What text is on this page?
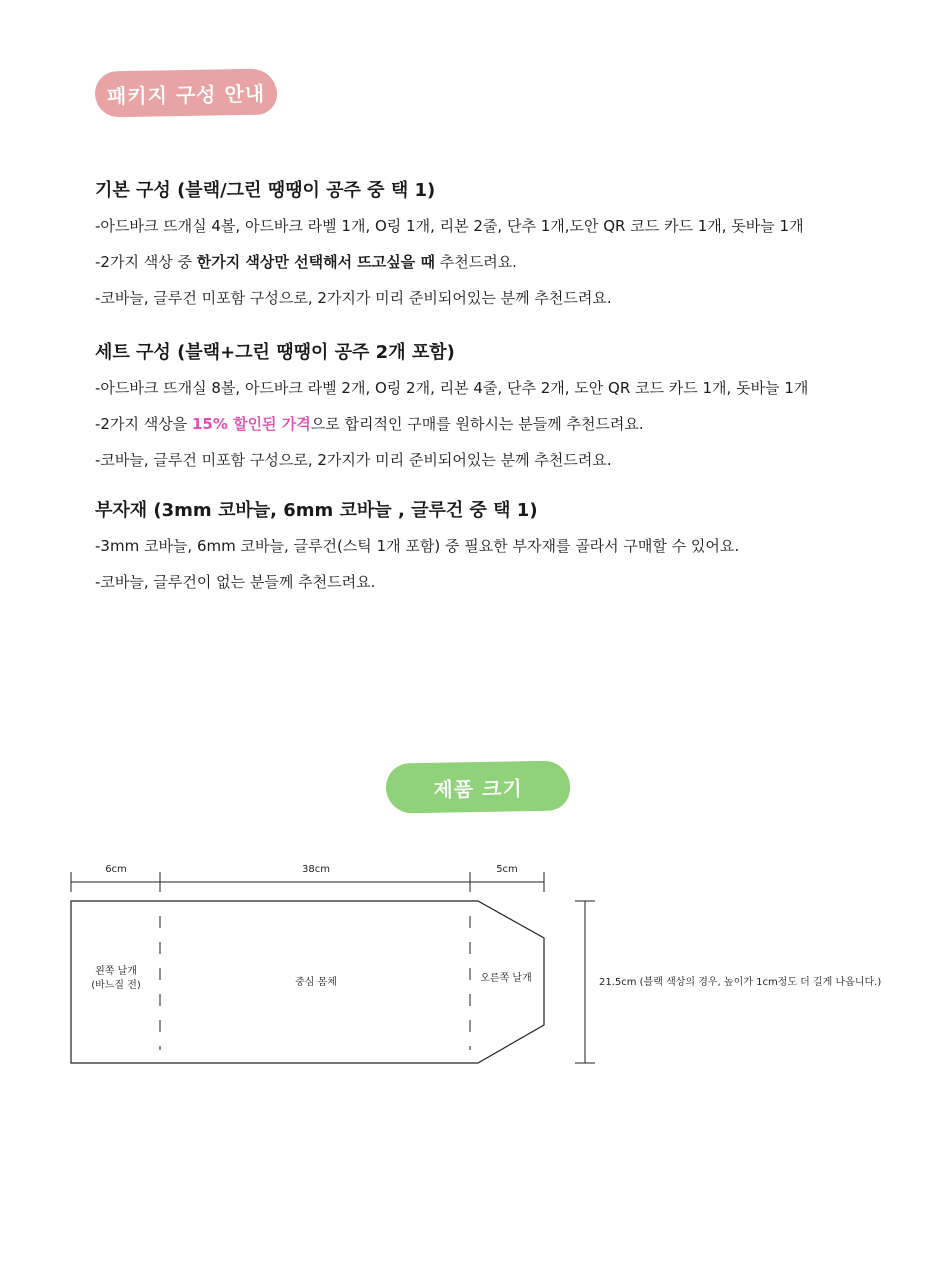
패키지 구성 안내
기본 구성 (블랙/그린 땡땡이 공주 중 택 1)
-아드바크 뜨개실 4볼, 아드바크 라벨 1개, O링 1개, 리본 2줄, 단추 1개,도안 QR 코드 카드 1개, 돗바늘 1개
-2가지 색상 중 한가지 색상만 선택해서 뜨고싶을 때 추천드려요.
-코바늘, 글루건 미포함 구성으로, 2가지가 미리 준비되어있는 분께 추천드려요.
세트 구성 (블랙+그린 땡땡이 공주 2개 포함)
-아드바크 뜨개실 8볼, 아드바크 라벨 2개, O링 2개, 리본 4줄, 단추 2개, 도안 QR 코드 카드 1개, 돗바늘 1개
-2가지 색상을 15% 할인된 가격으로 합리적인 구매를 원하시는 분들께 추천드려요.
-코바늘, 글루건 미포함 구성으로, 2가지가 미리 준비되어있는 분께 추천드려요.
부자재 (3mm 코바늘, 6mm 코바늘 , 글루건 중 택 1)
-3mm 코바늘, 6mm 코바늘, 글루건(스틱 1개 포함) 중 필요한 부자재를 골라서 구매할 수 있어요.
-코바늘, 글루건이 없는 분들께 추천드려요.
제품 크기
6cm	38cm	5cm
왼쪽 날개
(바느질 전)	중심 몸체	오른쪽 날개	21.5cm (블랙 색상의 경우, 높이가 1cm정도 더 길게 나옵니다.)
